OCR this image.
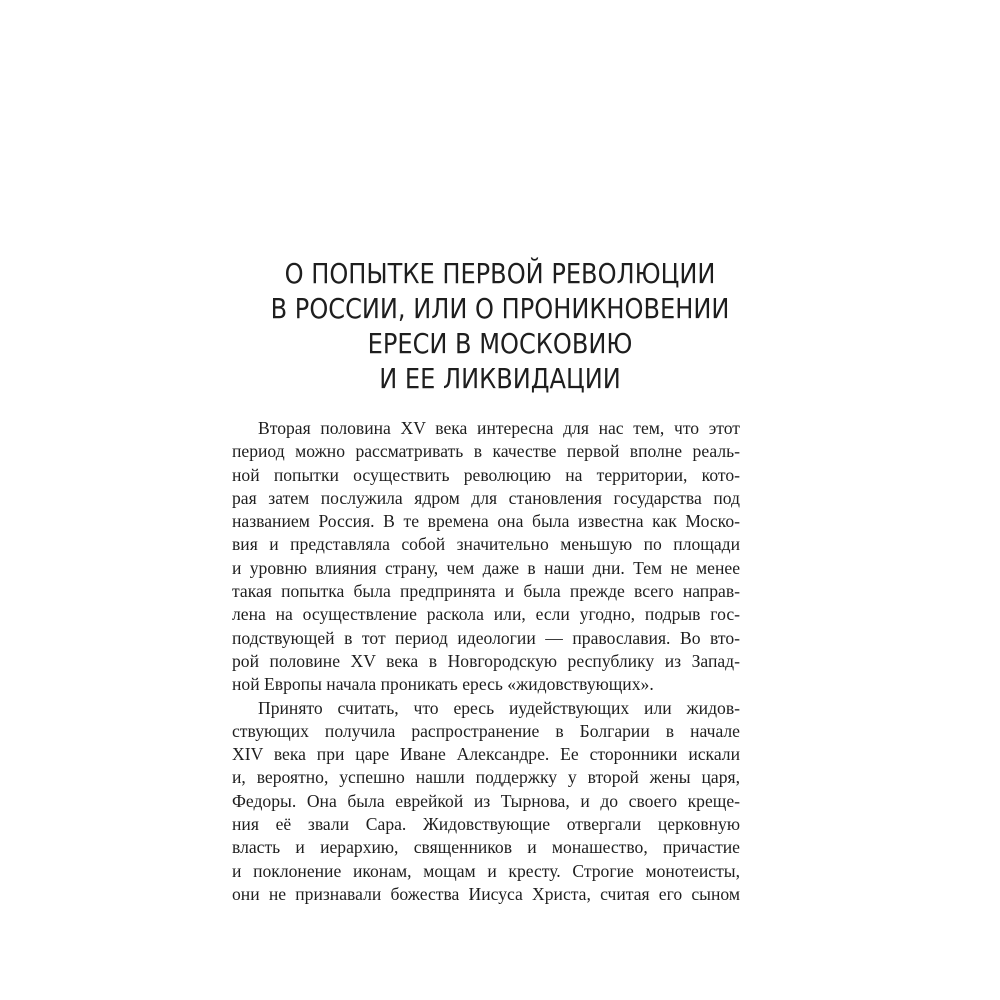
О ПОПЫТКЕ ПЕРВОЙ РЕВОЛЮЦИИ
В РОССИИ, ИЛИ О ПРОНИКНОВЕНИИ
ЕРЕСИ В МОСКОВИЮ
И ЕЕ ЛИКВИДАЦИИ

Вторая половина XV века интересна для нас тем, что этот
период можно рассматривать в качестве первой вполне реаль-
ной попытки осуществить революцию на территории, кото-
рая затем послужила ядром для становления государства под
названием Россия. В те времена она была известна как Моско-
вия и представляла собой значительно меньшую по площади
и уровню влияния страну, чем даже в наши дни. Тем не менее
такая попытка была предпринята и была прежде всего направ-
лена на осуществление раскола или, если угодно, подрыв гос-
подствующей в тот период идеологии — православия. Во вто-
рой половине XV века в Новгородскую республику из Запад-
ной Европы начала проникать ересь «жидовствующих».

Принято считать, что ересь иудействующих или жидов-
ствующих получила распространение в Болгарии в начале
XIV века при царе Иване Александре. Ее сторонники искали
и, вероятно, успешно нашли поддержку у второй жены царя,
Федоры. Она была еврейкой из Тырнова, и до своего креще-
ния её звали Сара. Жидовствующие отвергали церковную
власть и иерархию, священников и монашество, причастие
и поклонение иконам, мощам и кресту. Строгие монотеисты,
они не признавали божества Иисуса Христа, считая его сыном
